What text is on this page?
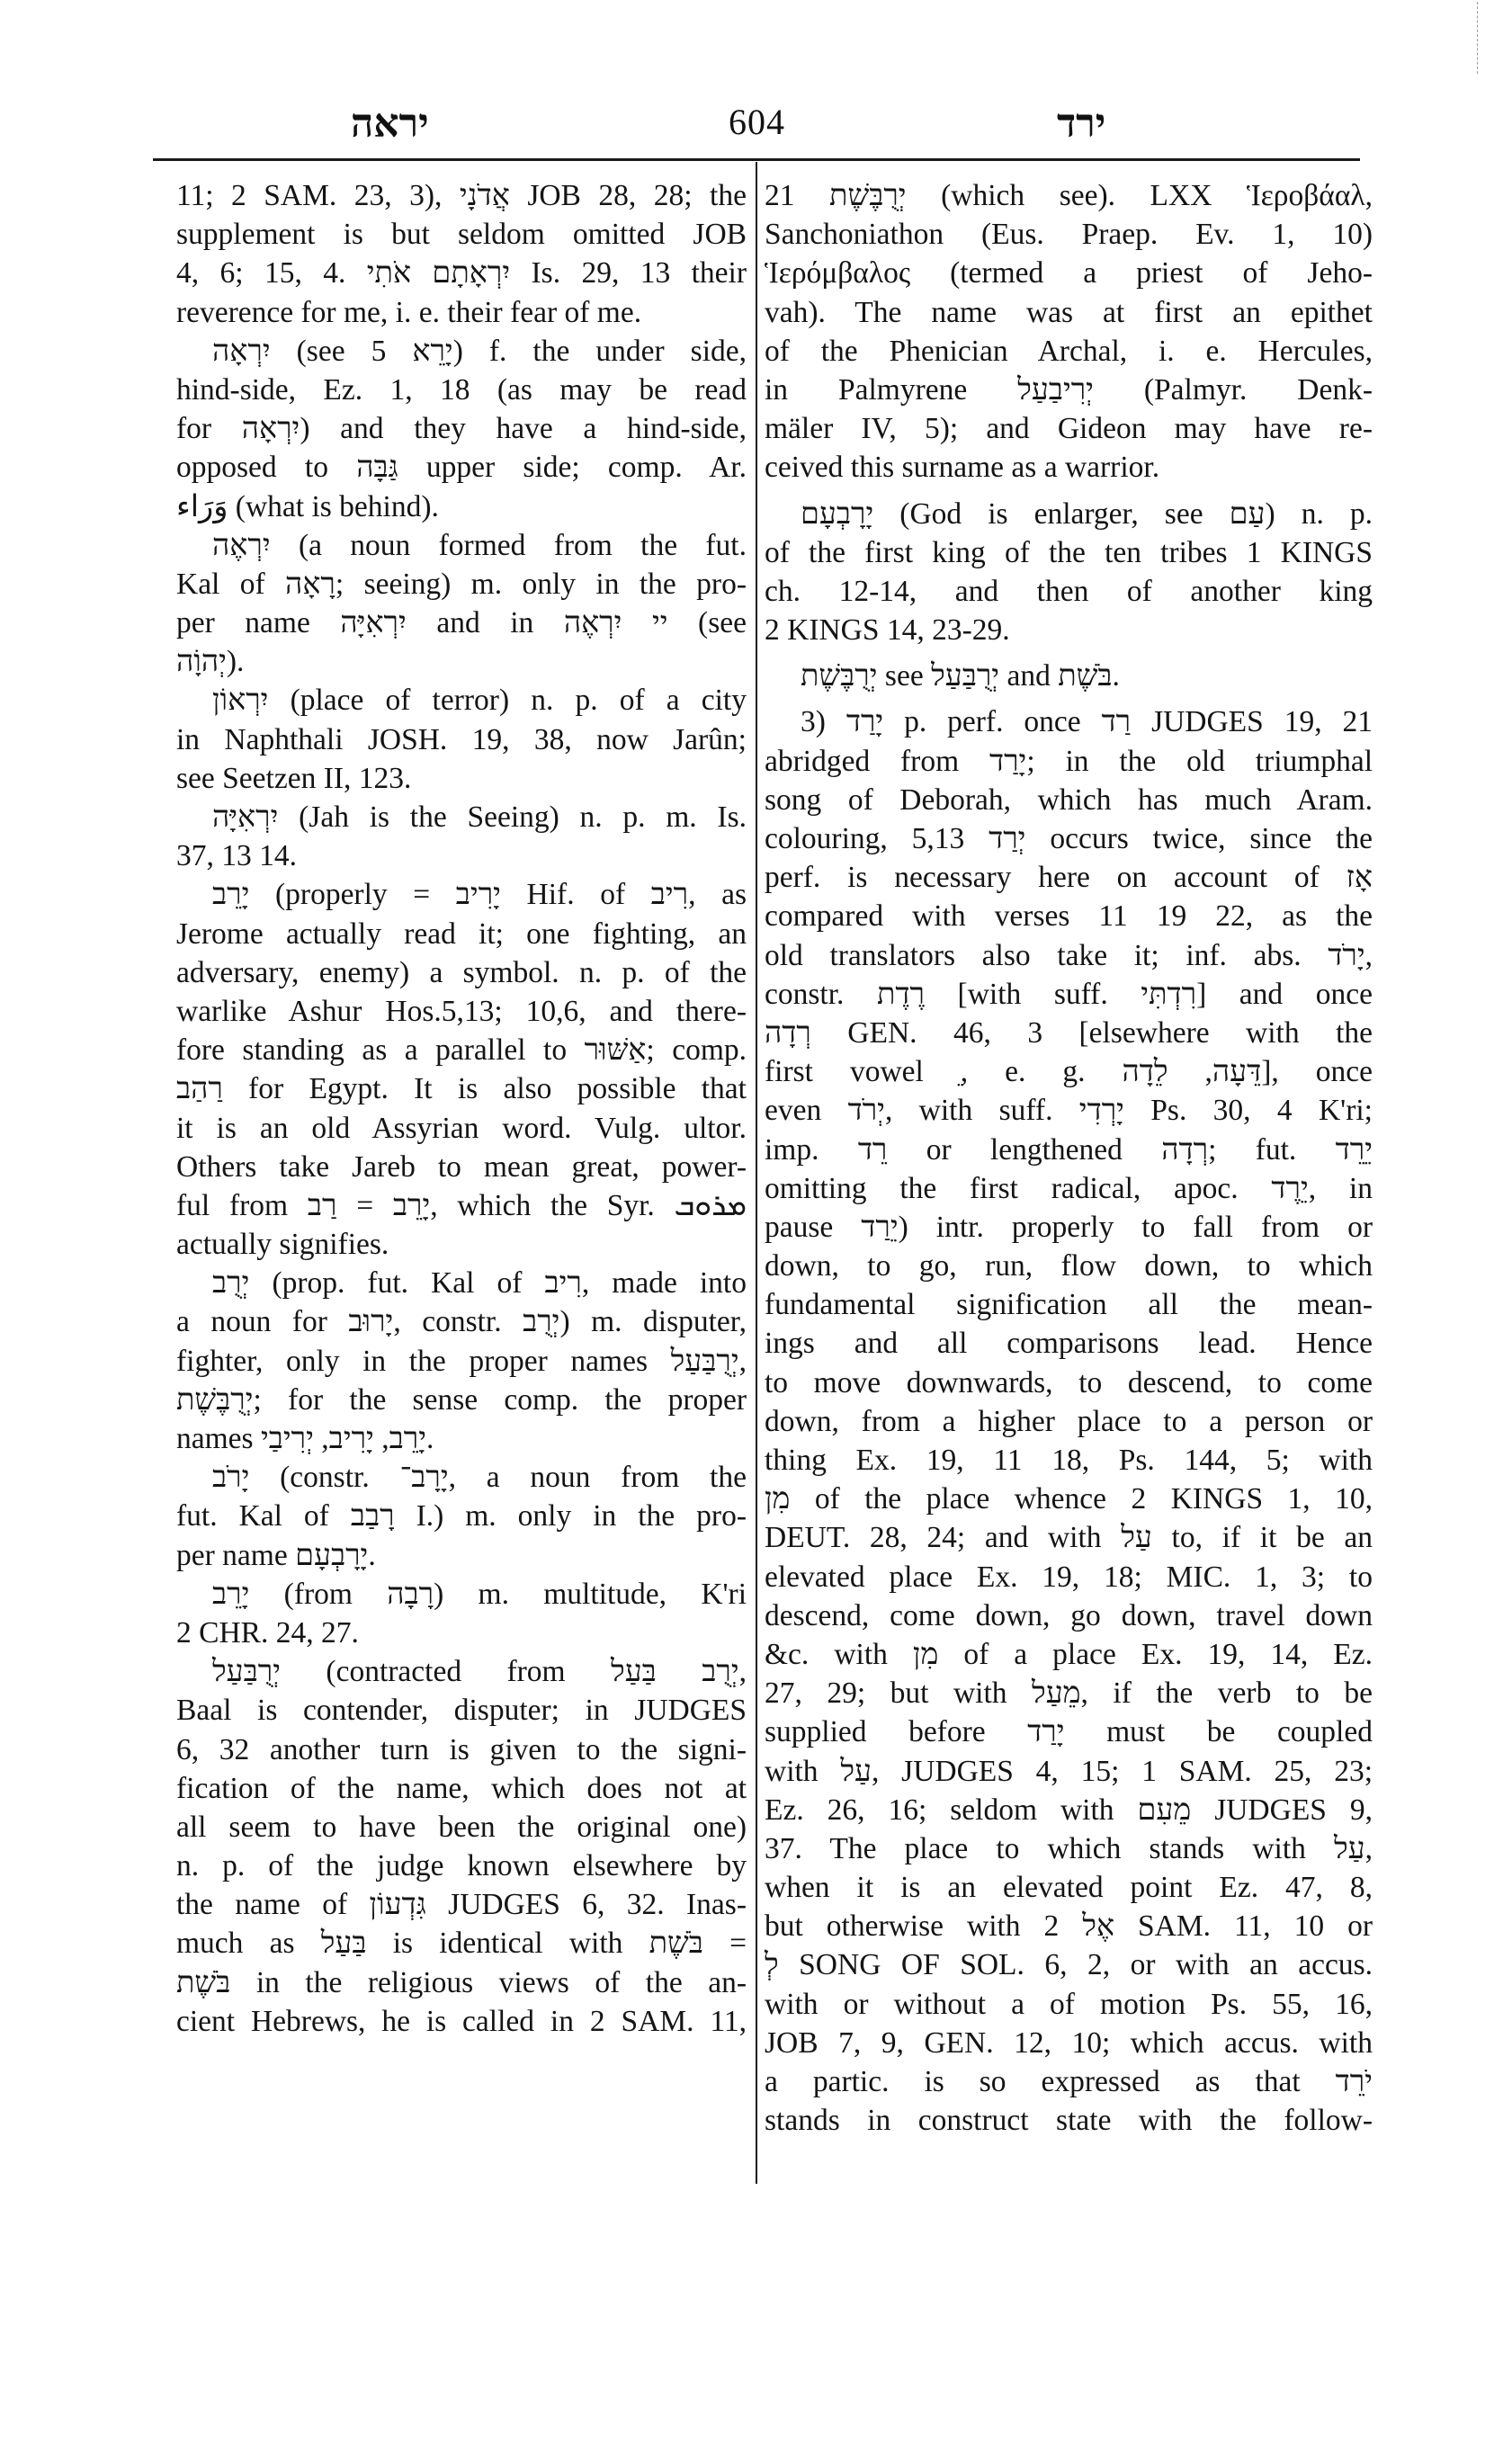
יראה	604	ירד
11; 2 SAM. 23, 3), אֲדֹנָי JOB 28, 28; the
supplement is but seldom omitted JOB
4, 6; 15, 4. יִרְאָתָם אֹתִי Is. 29, 13 their
reverence for me, i. e. their fear of me.
יִרְאָה (see יָרֵא 5) f. the under side,
hind-side, Ez. 1, 18 (as may be read
for יִרְאָה) and they have a hind-side,
opposed to גַּבָּה upper side; comp. Ar.
وَرَاء (what is behind).
יִרְאֶה (a noun formed from the fut.
Kal of רָאָה; seeing) m. only in the pro-
per name יִרְאִיָּה and in יי יִרְאֶה (see
יְהוָֹה).
יִרְאוֹן (place of terror) n. p. of a city
in Naphthali JOSH. 19, 38, now Jarûn;
see Seetzen II, 123.
יִרְאִיָּה (Jah is the Seeing) n. p. m. Is.
37, 13 14.
יָרֵב (properly = יָרִיב Hif. of רִיב, as
Jerome actually read it; one fighting, an
adversary, enemy) a symbol. n. p. of the
warlike Ashur Hos.5,13; 10,6, and there-
fore standing as a parallel to אַשּׁוּר; comp.
רַהַב for Egypt. It is also possible that
it is an old Assyrian word. Vulg. ultor.
Others take Jareb to mean great, power-
ful from יָרֵב = רַב, which the Syr. ܡܪܘܒ
actually signifies.
יְרֻב (prop. fut. Kal of רִיב, made into
a noun for יָרוּב, constr. יְרֻב) m. disputer,
fighter, only in the proper names יְרֻבַּעַל,
יְרֻבֶּשֶׁת; for the sense comp. the proper
names יָרֵב, יָרִיב, יְרִיבַי.
יָרֹב (constr. יָרָב־, a noun from the
fut. Kal of רָבַב I.) m. only in the pro-
per name יָרָבְעָם.
יָרֵב (from רָבָה) m. multitude, K'ri
2 CHR. 24, 27.
יְרֻבַּעַל (contracted from יְרֻב בַּעַל,
Baal is contender, disputer; in JUDGES
6, 32 another turn is given to the signi-
fication of the name, which does not at
all seem to have been the original one)
n. p. of the judge known elsewhere by
the name of גִּדְעוֹן JUDGES 6, 32. Inas-
much as בַּעַל is identical with בֹּשֶׁת =
בֹּשֶׁת in the religious views of the an-
cient Hebrews, he is called in 2 SAM. 11,
21 יְרֻבֶּשֶׁת (which see). LXX Ἱεροβάαλ,
Sanchoniathon (Eus. Praep. Ev. 1, 10)
Ἱερόμβαλος (termed a priest of Jeho-
vah). The name was at first an epithet
of the Phenician Archal, i. e. Hercules,
in Palmyrene יְרִיבַעַל (Palmyr. Denk-
mäler IV, 5); and Gideon may have re-
ceived this surname as a warrior.
יָרָבְעָם (God is enlarger, see עַם) n. p.
of the first king of the ten tribes 1 KINGS
ch. 12-14, and then of another king
2 KINGS 14, 23-29.
יְרֻבֶּשֶׁת see יְרֻבַּעַל and בֹּשֶׁת.
יָרַד (3 p. perf. once רַד JUDGES 19, 21
abridged from יָרַד; in the old triumphal
song of Deborah, which has much Aram.
colouring, יְרַד 5,13 occurs twice, since the
perf. is necessary here on account of אָז
compared with verses 11 19 22, as the
old translators also take it; inf. abs. יָרֹד,
constr. רֶדֶת [with suff. רִדְתִּי] and once
רְדָה GEN. 46, 3 [elsewhere with the
first vowel ֵ, e. g. דֵּעָה, לֵדָה], once
even יְרֹד, with suff. יָרְדִי Ps. 30, 4 K'ri;
imp. רֵד or lengthened רְדָה; fut. יֵרֵד
omitting the first radical, apoc. יֵרֶד, in
pause יֵרַד) intr. properly to fall from or
down, to go, run, flow down, to which
fundamental signification all the mean-
ings and all comparisons lead. Hence
to move downwards, to descend, to come
down, from a higher place to a person or
thing Ex. 19, 11 18, Ps. 144, 5; with
מִן of the place whence 2 KINGS 1, 10,
DEUT. 28, 24; and with עַל to, if it be an
elevated place Ex. 19, 18; MIC. 1, 3; to
descend, come down, go down, travel down
&c. with מִן of a place Ex. 19, 14, Ez.
27, 29; but with מֵעַל, if the verb to be
supplied before יָרַד must be coupled
with עַל, JUDGES 4, 15; 1 SAM. 25, 23;
Ez. 26, 16; seldom with מֵעִם JUDGES 9,
37. The place to which stands with עַל,
when it is an elevated point Ez. 47, 8,
but otherwise with אֶל 2 SAM. 11, 10 or
לְ SONG OF SOL. 6, 2, or with an accus.
with or without a of motion Ps. 55, 16,
JOB 7, 9, GEN. 12, 10; which accus. with
a partic. is so expressed as that יֹרֵד
stands in construct state with the follow-
